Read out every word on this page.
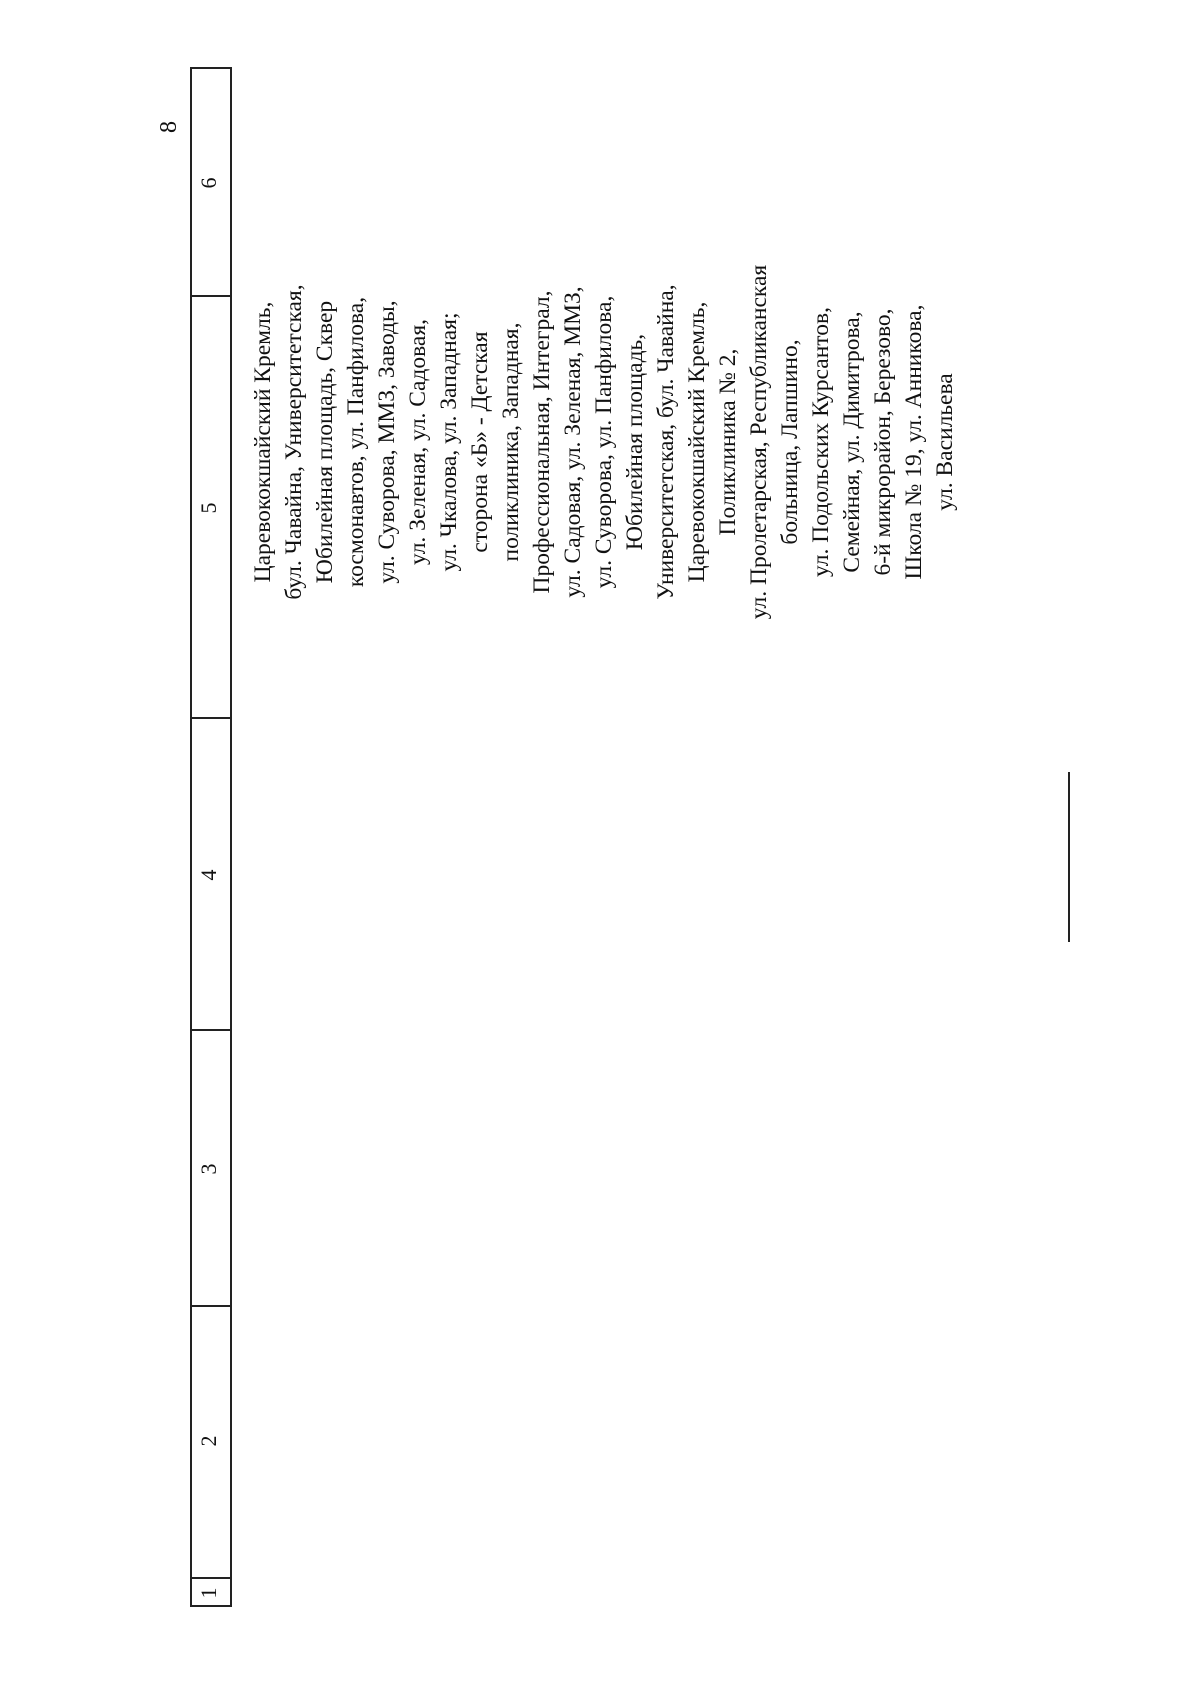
8
1
2
3
4
5
6
Царевококшайский Кремль, бул. Чавайна, Университетская, Юбилейная площадь, Сквер космонавтов, ул. Панфилова, ул. Суворова, ММЗ, Заводы, ул. Зеленая, ул. Садовая, ул. Чкалова, ул. Западная; сторона «Б» - Детская поликлиника, Западная, Профессиональная, Интеграл, ул. Садовая, ул. Зеленая, ММЗ, ул. Суворова, ул. Панфилова, Юбилейная площадь, Университетская, бул. Чавайна, Царевококшайский Кремль, Поликлиника № 2, ул. Пролетарская, Республиканская больница, Лапшино, ул. Подольских Курсантов, Семейная, ул. Димитрова, 6-й микрорайон, Березово, Школа № 19, ул. Анникова, ул. Васильева
